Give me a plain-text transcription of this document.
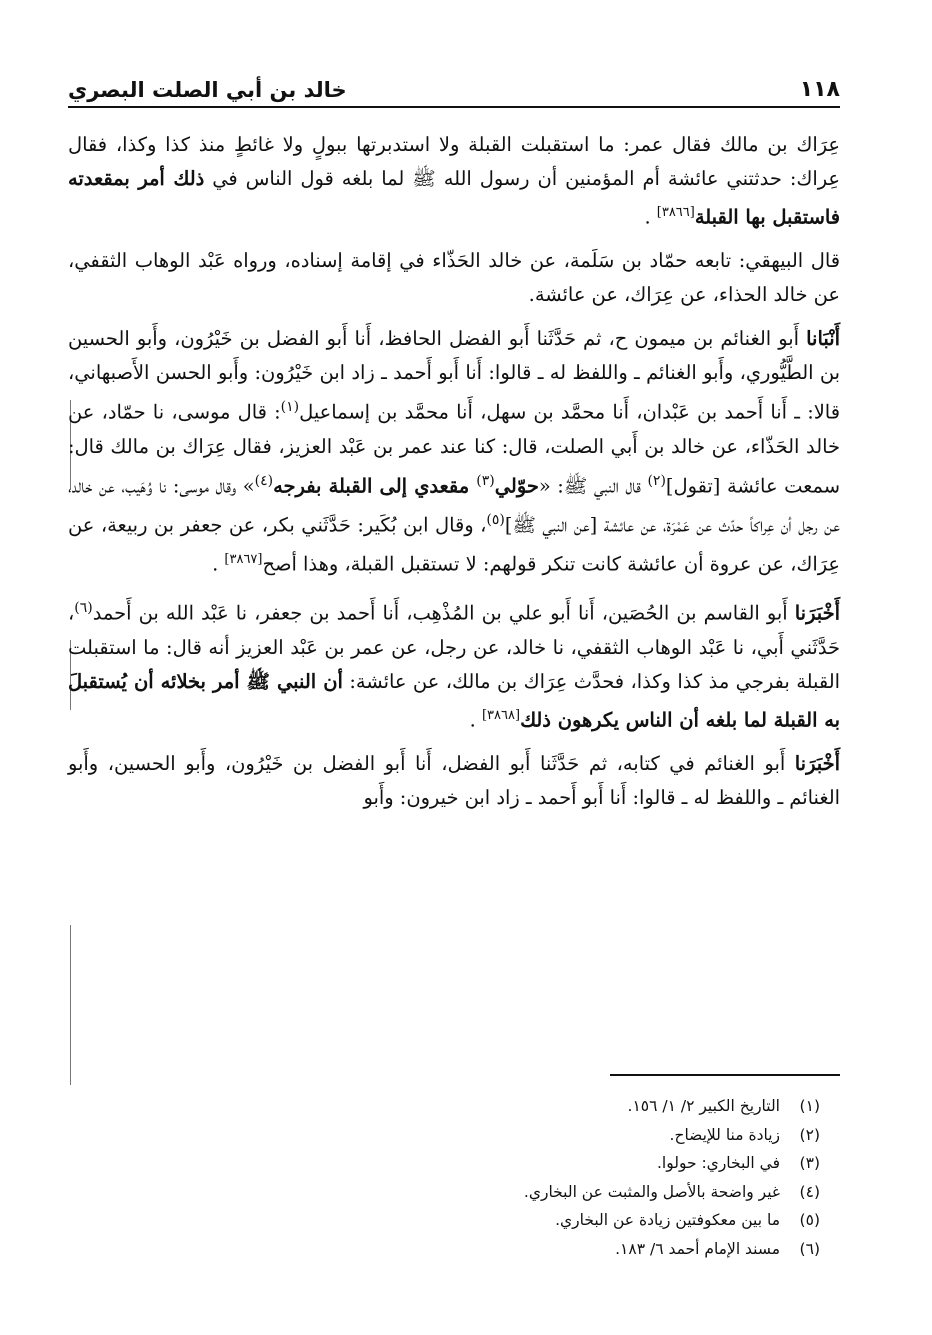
١١٨
خالد بن أبي الصلت البصري

عِرَاك بن مالك فقال عمر: ما استقبلت القبلة ولا استدبرتها ببولٍ ولا غائطٍ منذ كذا وكذا، فقال عِراك: حدثتني عائشة أم المؤمنين أن رسول الله ﷺ لما بلغه قول الناس في ذلك أمر بمقعدته فاستقبل بها القبلة[٣٨٦٦] .

قال البيهقي: تابعه حمّاد بن سَلَمة، عن خالد الحَذّاء في إقامة إسناده، ورواه عَبْد الوهاب الثقفي، عن خالد الحذاء، عن عِرَاك، عن عائشة.

أَنْبَانا أَبو الغنائم بن ميمون ح، ثم حَدَّثَنا أَبو الفضل الحافظ، أَنا أَبو الفضل بن خَيْرُون، وأَبو الحسين بن الطَّيُّوري، وأَبو الغنائم ـ واللفظ له ـ قالوا: أَنا أَبو أَحمد ـ زاد ابن خَيْرُون: وأَبو الحسن الأَصبهاني، قالا: ـ أَنا أَحمد بن عَبْدان، أَنا محمَّد بن سهل، أَنا محمَّد بن إسماعيل$^{(١)}$: قال موسى، نا حمّاد، عن خالد الحَذّاء، عن خالد بن أَبي الصلت، قال: كنا عند عمر بن عَبْد العزيز، فقال عِرَاك بن مالك قال: سمعت عائشة [تقول]$^{(٢)}$ قال النبي ﷺ: «حوّلي$^{(٣)}$ مقعدي إلى القبلة بفرجه$^{(٤)}$» وقال موسى: نا وُهَيب، عن خالد، عن رجل أن عِراكاً حدّث عن عَمْرَة، عن عائشة [عن النبي ﷺ]$^{(٥)}$، وقال ابن بُكَير: حَدَّثَني بكر، عن جعفر بن ربيعة، عن عِرَاك، عن عروة أن عائشة كانت تنكر قولهم: لا تستقبل القبلة، وهذا أصح[٣٨٦٧] .

أَخْبَرَنا أَبو القاسم بن الحُصَين، أَنا أَبو علي بن المُذْهِب، أَنا أَحمد بن جعفر، نا عَبْد الله بن أَحمد$^{(٦)}$، حَدَّثَني أَبي، نا عَبْد الوهاب الثقفي، نا خالد، عن رجل، عن عمر بن عَبْد العزيز أنه قال: ما استقبلت القبلة بفرجي مذ كذا وكذا، فحدَّث عِرَاك بن مالك، عن عائشة: أن النبي ﷺ أمر بخلائه أن يُستقبلَ به القبلة لما بلغه أن الناس يكرهون ذلك[٣٨٦٨] .

أَخْبَرَنا أَبو الغنائم في كتابه، ثم حَدَّثَنا أَبو الفضل، أَنا أَبو الفضل بن خَيْرُون، وأَبو الحسين، وأَبو الغنائم ـ واللفظ له ـ قالوا: أَنا أَبو أَحمد ـ زاد ابن خيرون: وأَبو

(١)التاريخ الكبير ٢/ ١/ ١٥٦.
(٢)زيادة منا للإيضاح.
(٣)في البخاري: حولوا.
(٤)غير واضحة بالأصل والمثبت عن البخاري.
(٥)ما بين معكوفتين زيادة عن البخاري.
(٦)مسند الإمام أحمد ٦/ ١٨٣.
